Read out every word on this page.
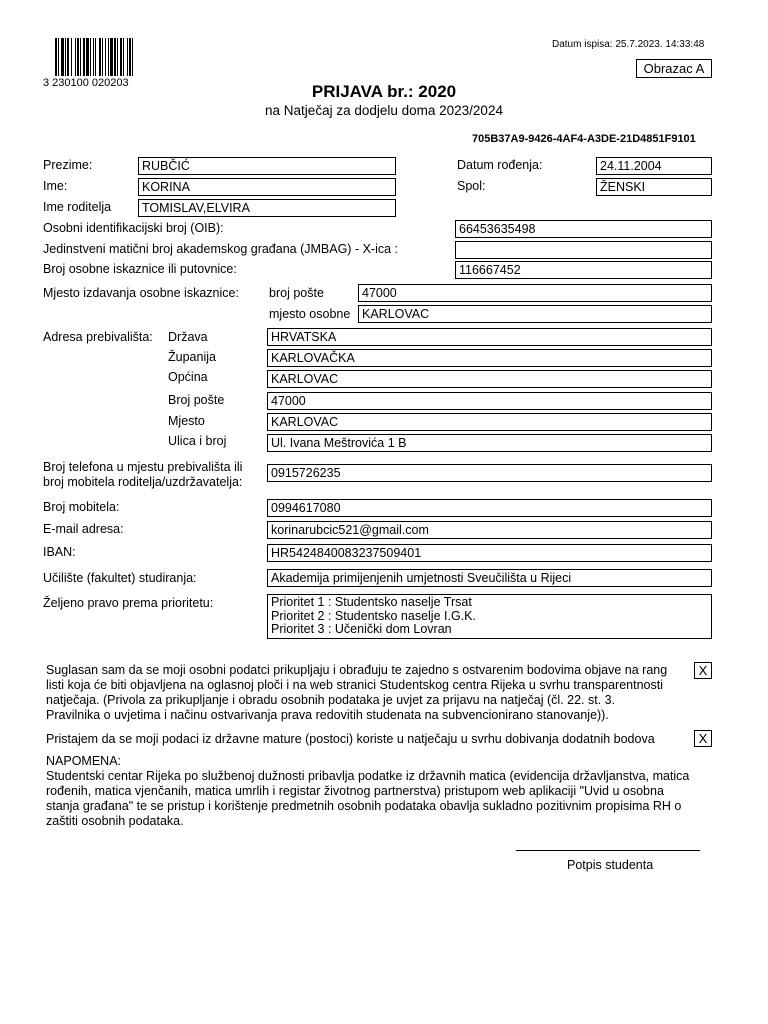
3 230100 020203
Datum ispisa: 25.7.2023. 14:33:48
Obrazac A
PRIJAVA br.: 2020
na Natječaj za dodjelu doma 2023/2024
705B37A9-9426-4AF4-A3DE-21D4851F9101
Prezime:	RUBČIĆ
Ime:	KORINA
Ime roditelja	TOMISLAV,ELVIRA
Datum rođenja:	24.11.2004
Spol:	ŽENSKI
Osobni identifikacijski broj (OIB):	66453635498
Jedinstveni matični broj akademskog građana (JMBAG) - X-ica :
Broj osobne iskaznice ili putovnice:	116667452
Mjesto izdavanja osobne iskaznice: broj pošte	47000
mjesto osobne KARLOVAC
Adresa prebivališta: Država	HRVATSKA
Županija	KARLOVAČKA
Općina	KARLOVAC
Broj pošte	47000
Mjesto	KARLOVAC
Ulica i broj	Ul. Ivana Meštrovića 1 B
Broj telefona u mjestu prebivališta ili
broj mobitela roditelja/uzdržavatelja:
0915726235
Broj mobitela:	0994617080
E-mail adresa:	korinarubcic521@gmail.com
IBAN:	HR5424840083237509401
Učilište (fakultet) studiranja:	Akademija primijenjenih umjetnosti Sveučilišta u Rijeci
Željeno pravo prema prioritetu:	Prioritet 1 : Studentsko naselje Trsat
Prioritet 2 : Studentsko naselje I.G.K.
Prioritet 3 : Učenički dom Lovran
Suglasan sam da se moji osobni podatci prikupljaju i obrađuju te zajedno s ostvarenim bodovima objave na rang
listi koja će biti objavljena na oglasnoj ploči i na web stranici Studentskog centra Rijeka u svrhu transparentnosti
natječaja. (Privola za prikupljanje i obradu osobnih podataka je uvjet za prijavu na natječaj (čl. 22. st. 3.
Pravilnika o uvjetima i načinu ostvarivanja prava redovitih studenata na subvencionirano stanovanje)).
X
Pristajem da se moji podaci iz državne mature (postoci) koriste u natječaju u svrhu dobivanja dodatnih bodova	X
NAPOMENA:
Studentski centar Rijeka po službenoj dužnosti pribavlja podatke iz državnih matica (evidencija državljanstva, matica
rođenih, matica vjenčanih, matica umrlih i registar životnog partnerstva) pristupom web aplikaciji "Uvid u osobna
stanja građana" te se pristup i korištenje predmetnih osobnih podataka obavlja sukladno pozitivnim propisima RH o
zaštiti osobnih podataka.
Potpis studenta
